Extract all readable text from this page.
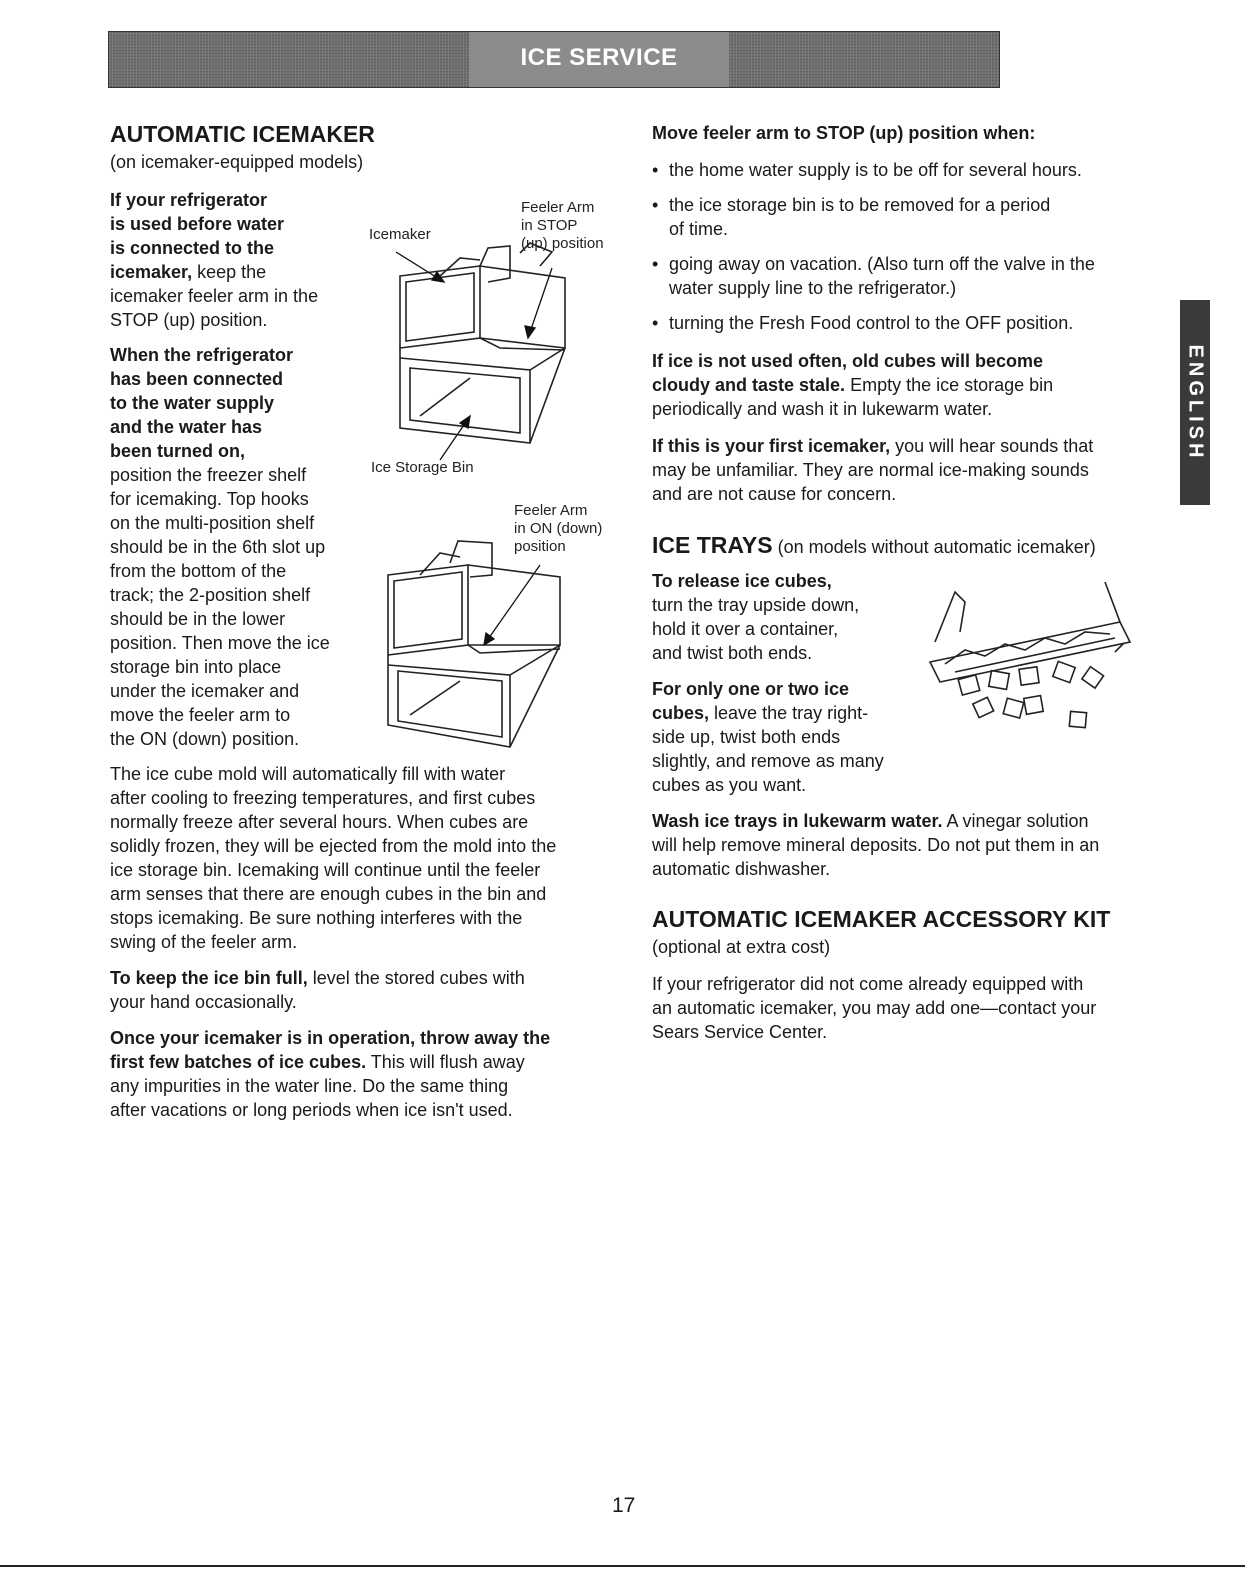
ICE SERVICE
AUTOMATIC ICEMAKER
(on icemaker-equipped models)
If your refrigerator
is used before water
is connected to the
icemaker, keep the
icemaker feeler arm in the
STOP (up) position.
When the refrigerator
has been connected
to the water supply
and the water has
been turned on,
position the freezer shelf
for icemaking. Top hooks
on the multi-position shelf
should be in the 6th slot up
from the bottom of the
track; the 2-position shelf
should be in the lower
position. Then move the ice
storage bin into place
under the icemaker and
move the feeler arm to
the ON (down) position.
Icemaker
Feeler Arm
in STOP
(up) position
Ice Storage Bin
Feeler Arm
in ON (down)
position
The ice cube mold will automatically fill with water
after cooling to freezing temperatures, and first cubes
normally freeze after several hours. When cubes are
solidly frozen, they will be ejected from the mold into the
ice storage bin. Icemaking will continue until the feeler
arm senses that there are enough cubes in the bin and
stops icemaking. Be sure nothing interferes with the
swing of the feeler arm.
To keep the ice bin full, level the stored cubes with
your hand occasionally.
Once your icemaker is in operation, throw away the
first few batches of ice cubes. This will flush away
any impurities in the water line. Do the same thing
after vacations or long periods when ice isn't used.
Move feeler arm to STOP (up) position when:
• the home water supply is to be off for several hours.
• the ice storage bin is to be removed for a period
of time.
• going away on vacation. (Also turn off the valve in the
water supply line to the refrigerator.)
• turning the Fresh Food control to the OFF position.
If ice is not used often, old cubes will become
cloudy and taste stale. Empty the ice storage bin
periodically and wash it in lukewarm water.
If this is your first icemaker, you will hear sounds that
may be unfamiliar. They are normal ice-making sounds
and are not cause for concern.
ICE TRAYS (on models without automatic icemaker)
To release ice cubes,
turn the tray upside down,
hold it over a container,
and twist both ends.
For only one or two ice
cubes, leave the tray right-
side up, twist both ends
slightly, and remove as many
cubes as you want.
Wash ice trays in lukewarm water. A vinegar solution
will help remove mineral deposits. Do not put them in an
automatic dishwasher.
AUTOMATIC ICEMAKER ACCESSORY KIT
(optional at extra cost)
If your refrigerator did not come already equipped with
an automatic icemaker, you may add one—contact your
Sears Service Center.
ENGLISH
17
